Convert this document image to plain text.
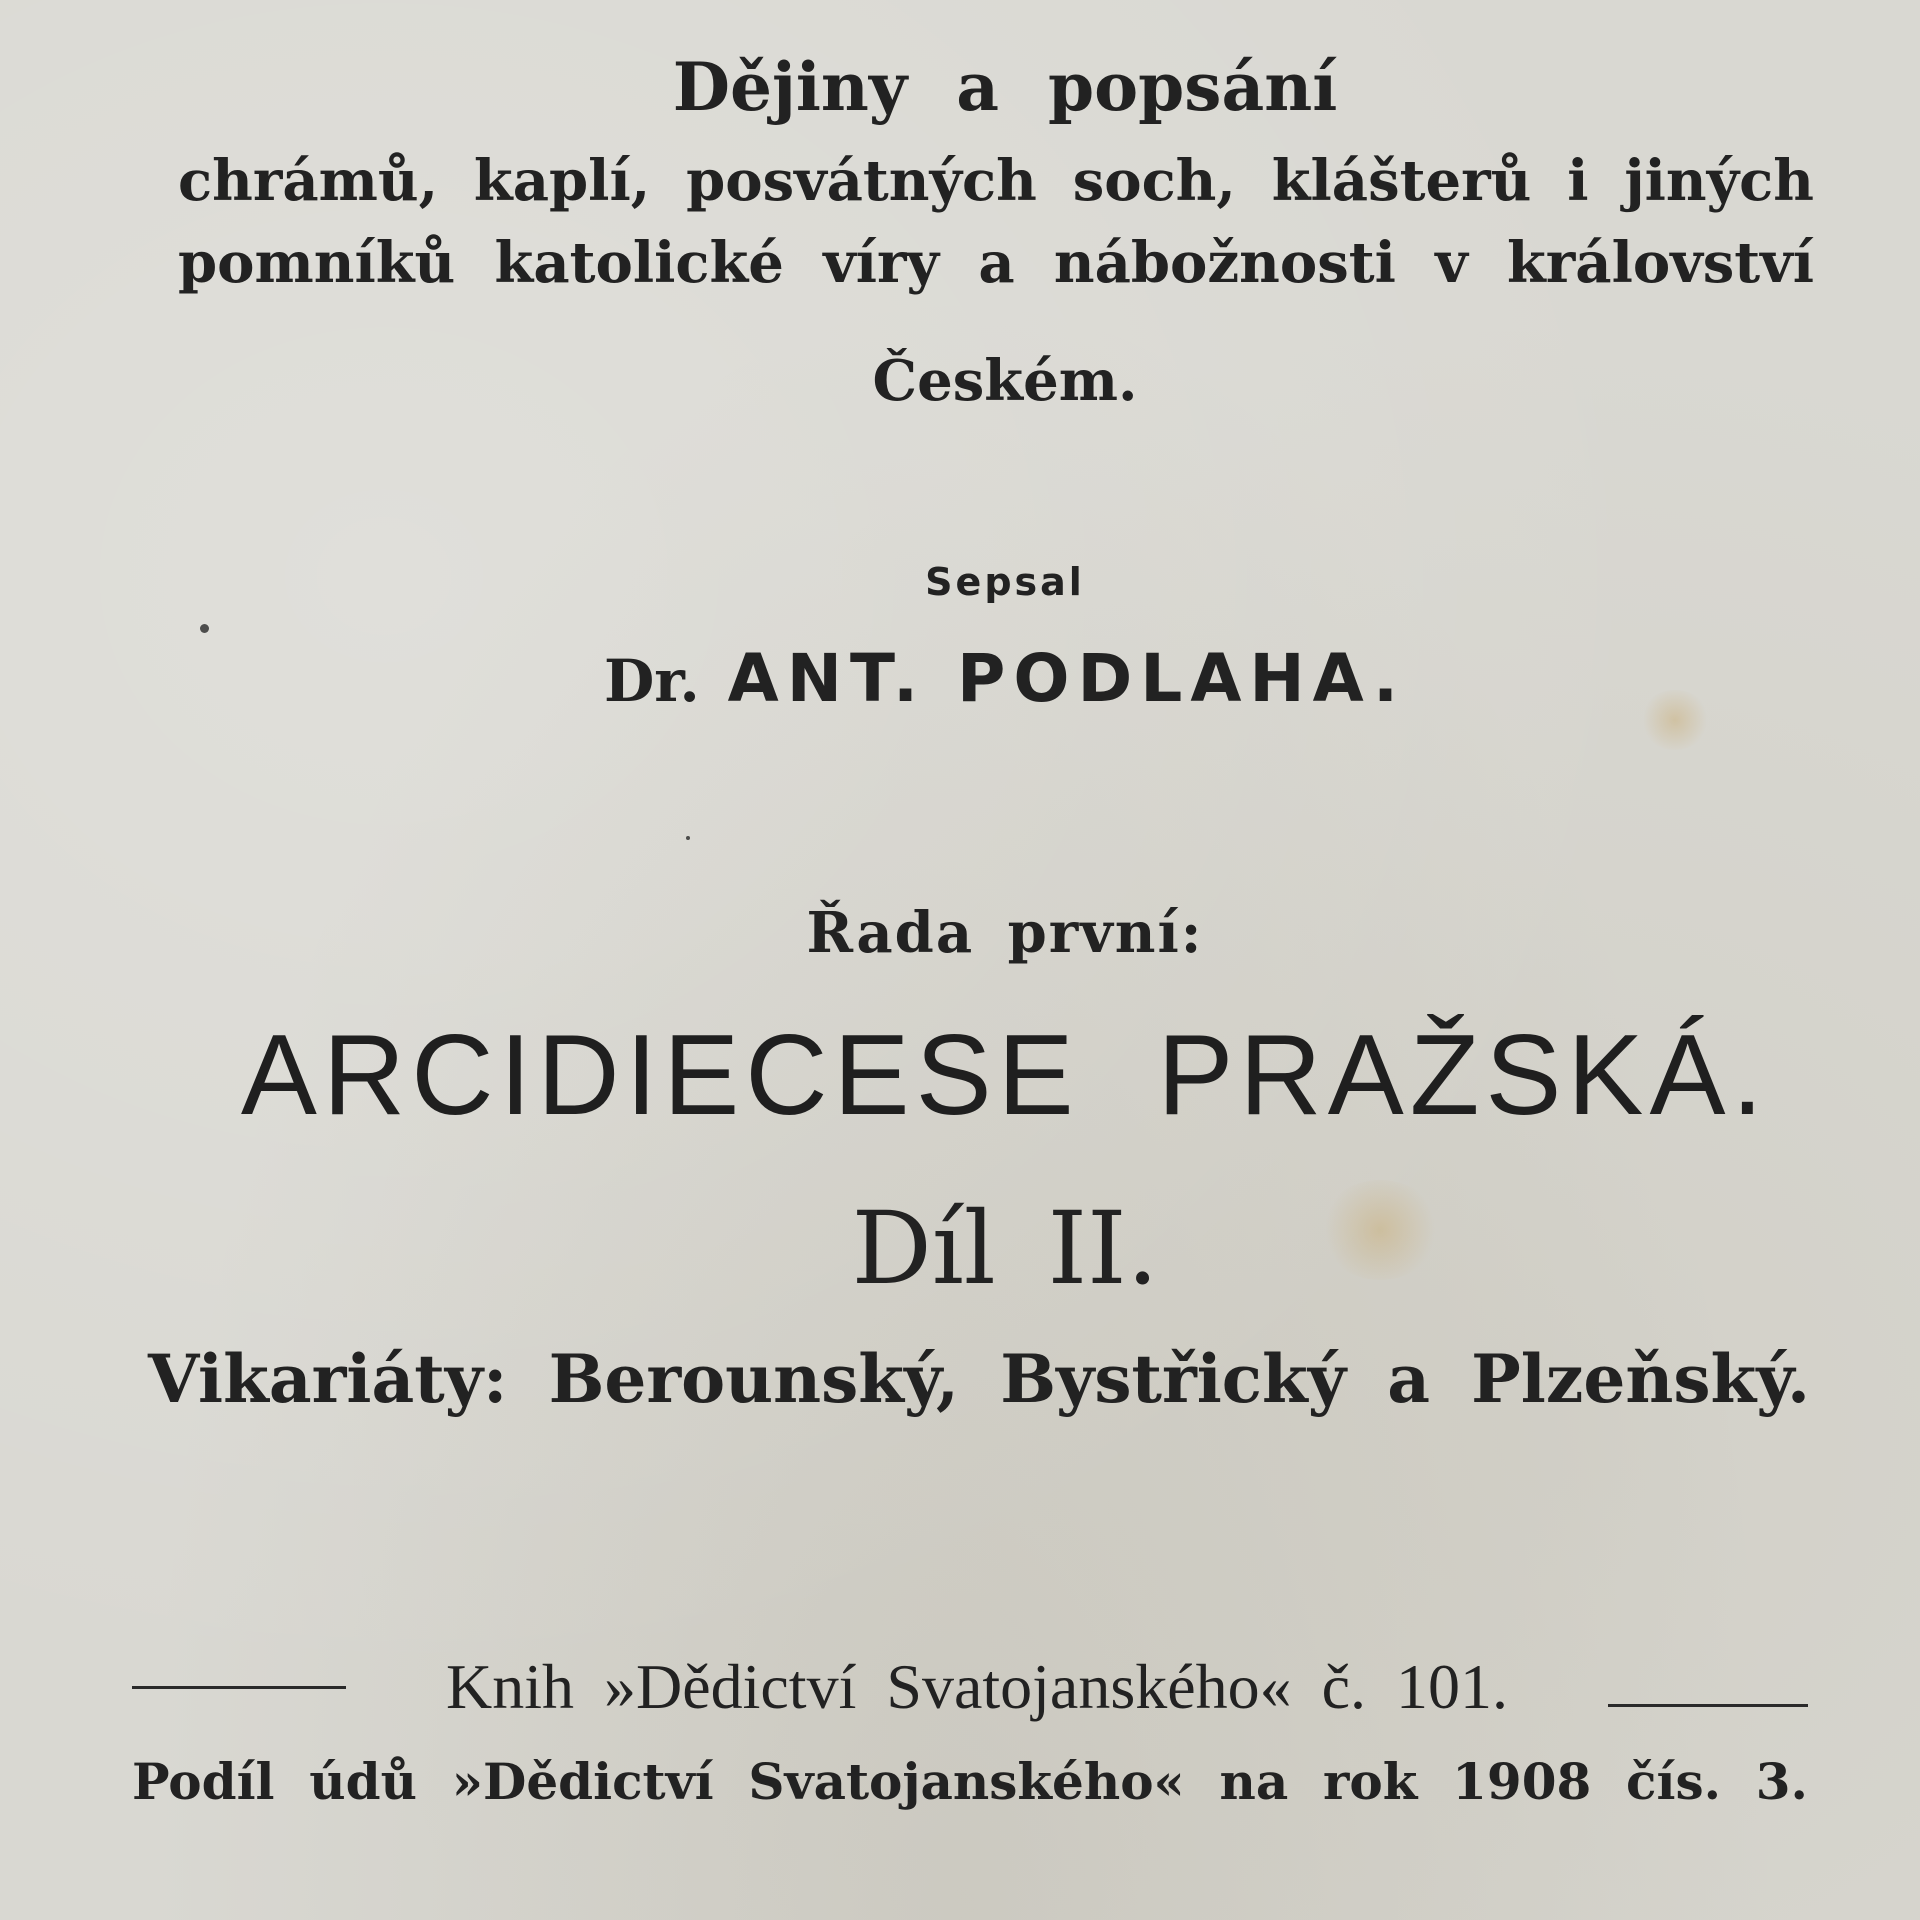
Dějiny a popsání
chrámů, kaplí, posvátných soch, klášterů i jiných
pomníků katolické víry a nábožnosti v království
Českém.
Sepsal
Dr. ANT. PODLAHA.
Řada první:
ARCIDIECESE PRAŽSKÁ.
Díl II.
Vikariáty: Berounský, Bystřický a Plzeňský.
Knih »Dědictví Svatojanského« č. 101.
Podíl údů »Dědictví Svatojanského« na rok 1908 čís. 3.
